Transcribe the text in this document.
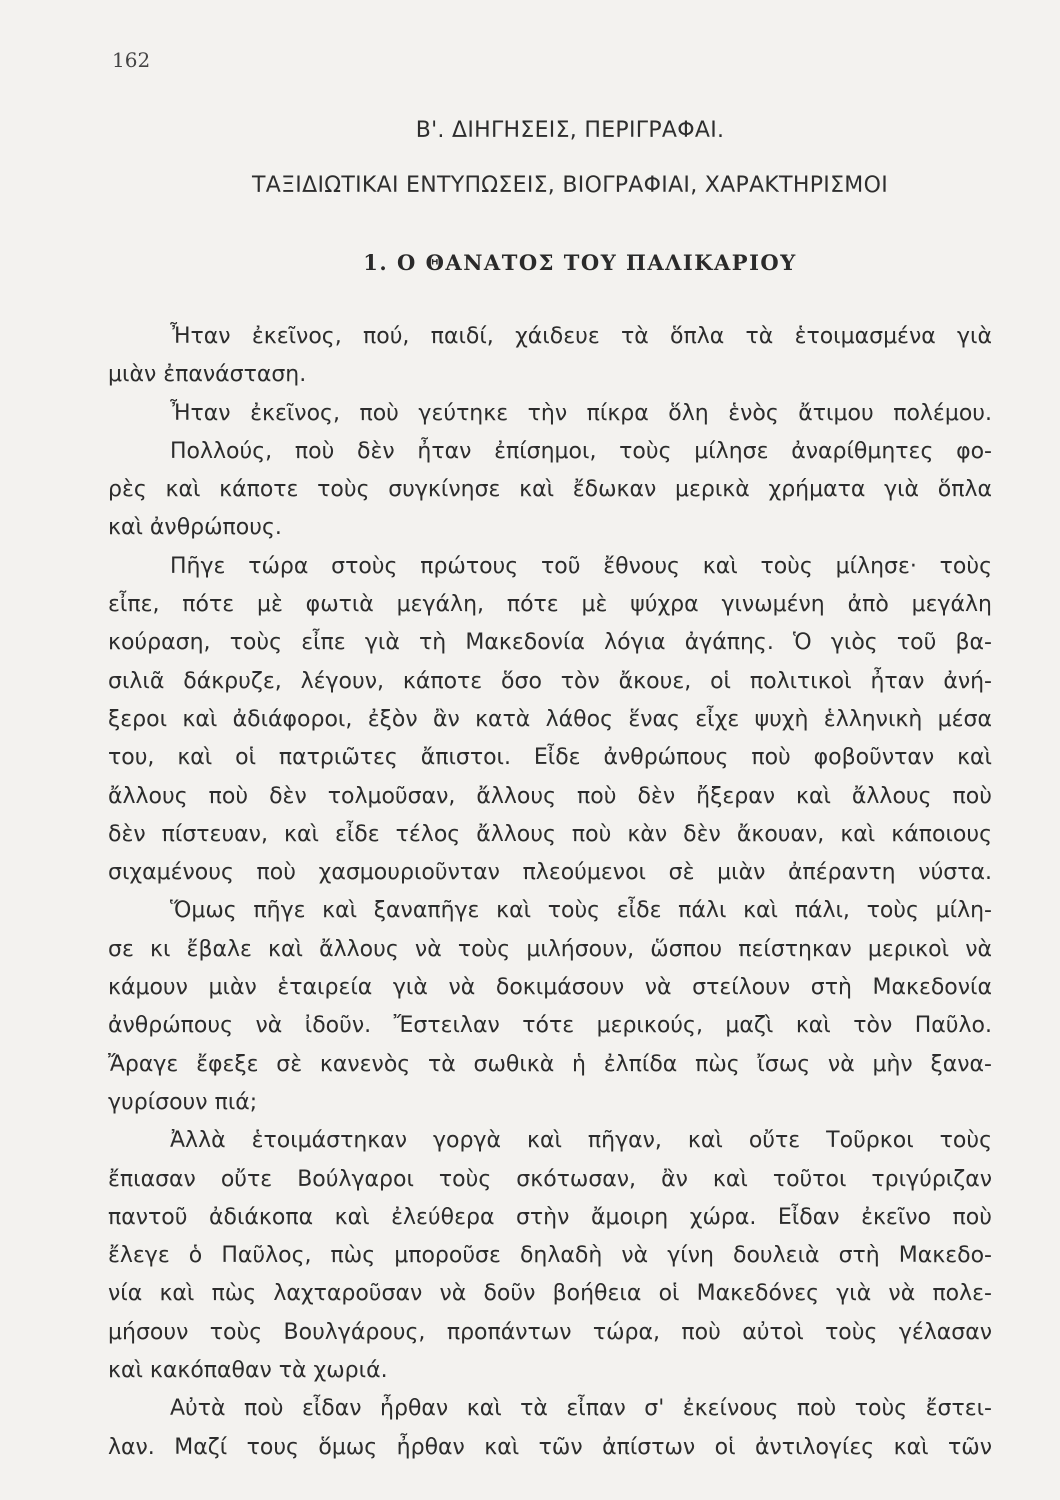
162
Β'. ΔΙΗΓΗΣΕΙΣ, ΠΕΡΙΓΡΑΦΑΙ.
ΤΑΞΙΔΙΩΤΙΚΑΙ ΕΝΤΥΠΩΣΕΙΣ, ΒΙΟΓΡΑΦΙΑΙ, ΧΑΡΑΚΤΗΡΙΣΜΟΙ
1. Ο ΘΑΝΑΤΟΣ ΤΟΥ ΠΑΛΙΚΑΡΙΟΥ
Ἦταν ἐκεῖνος, πού, παιδί, χάιδευε τὰ ὅπλα τὰ ἑτοιμασμένα γιὰ
μιὰν ἐπανάσταση.
Ἦταν ἐκεῖνος, ποὺ γεύτηκε τὴν πίκρα ὅλη ἑνὸς ἄτιμου πολέμου.
Πολλούς, ποὺ δὲν ἦταν ἐπίσημοι, τοὺς μίλησε ἀναρίθμητες φο-
ρὲς καὶ κάποτε τοὺς συγκίνησε καὶ ἔδωκαν μερικὰ χρήματα γιὰ ὅπλα
καὶ ἀνθρώπους.
Πῆγε τώρα στοὺς πρώτους τοῦ ἔθνους καὶ τοὺς μίλησε· τοὺς
εἶπε, πότε μὲ φωτιὰ μεγάλη, πότε μὲ ψύχρα γινωμένη ἀπὸ μεγάλη
κούραση, τοὺς εἶπε γιὰ τὴ Μακεδονία λόγια ἀγάπης. Ὁ γιὸς τοῦ βα-
σιλιᾶ δάκρυζε, λέγουν, κάποτε ὅσο τὸν ἄκουε, οἱ πολιτικοὶ ἦταν ἀνή-
ξεροι καὶ ἀδιάφοροι, ἐξὸν ἂν κατὰ λάθος ἕνας εἶχε ψυχὴ ἑλληνικὴ μέσα
του, καὶ οἱ πατριῶτες ἄπιστοι. Εἶδε ἀνθρώπους ποὺ φοβοῦνταν καὶ
ἄλλους ποὺ δὲν τολμοῦσαν, ἄλλους ποὺ δὲν ἤξεραν καὶ ἄλλους ποὺ
δὲν πίστευαν, καὶ εἶδε τέλος ἄλλους ποὺ κὰν δὲν ἄκουαν, καὶ κάποιους
σιχαμένους ποὺ χασμουριοῦνταν πλεούμενοι σὲ μιὰν ἀπέραντη νύστα.
Ὅμως πῆγε καὶ ξαναπῆγε καὶ τοὺς εἶδε πάλι καὶ πάλι, τοὺς μίλη-
σε κι ἔβαλε καὶ ἄλλους νὰ τοὺς μιλήσουν, ὥσπου πείστηκαν μερικοὶ νὰ
κάμουν μιὰν ἑταιρεία γιὰ νὰ δοκιμάσουν νὰ στείλουν στὴ Μακεδονία
ἀνθρώπους νὰ ἰδοῦν. Ἔστειλαν τότε μερικούς, μαζὶ καὶ τὸν Παῦλο.
Ἄραγε ἔφεξε σὲ κανενὸς τὰ σωθικὰ ἡ ἐλπίδα πὼς ἴσως νὰ μὴν ξανα-
γυρίσουν πιά;
Ἀλλὰ ἑτοιμάστηκαν γοργὰ καὶ πῆγαν, καὶ οὔτε Τοῦρκοι τοὺς
ἔπιασαν οὔτε Βούλγαροι τοὺς σκότωσαν, ἂν καὶ τοῦτοι τριγύριζαν
παντοῦ ἀδιάκοπα καὶ ἐλεύθερα στὴν ἄμοιρη χώρα. Εἶδαν ἐκεῖνο ποὺ
ἔλεγε ὁ Παῦλος, πὼς μποροῦσε δηλαδὴ νὰ γίνη δουλειὰ στὴ Μακεδο-
νία καὶ πὼς λαχταροῦσαν νὰ δοῦν βοήθεια οἱ Μακεδόνες γιὰ νὰ πολε-
μήσουν τοὺς Βουλγάρους, προπάντων τώρα, ποὺ αὐτοὶ τοὺς γέλασαν
καὶ κακόπαθαν τὰ χωριά.
Αὐτὰ ποὺ εἶδαν ἦρθαν καὶ τὰ εἶπαν σ' ἐκείνους ποὺ τοὺς ἔστει-
λαν. Μαζί τους ὅμως ἦρθαν καὶ τῶν ἀπίστων οἱ ἀντιλογίες καὶ τῶν
